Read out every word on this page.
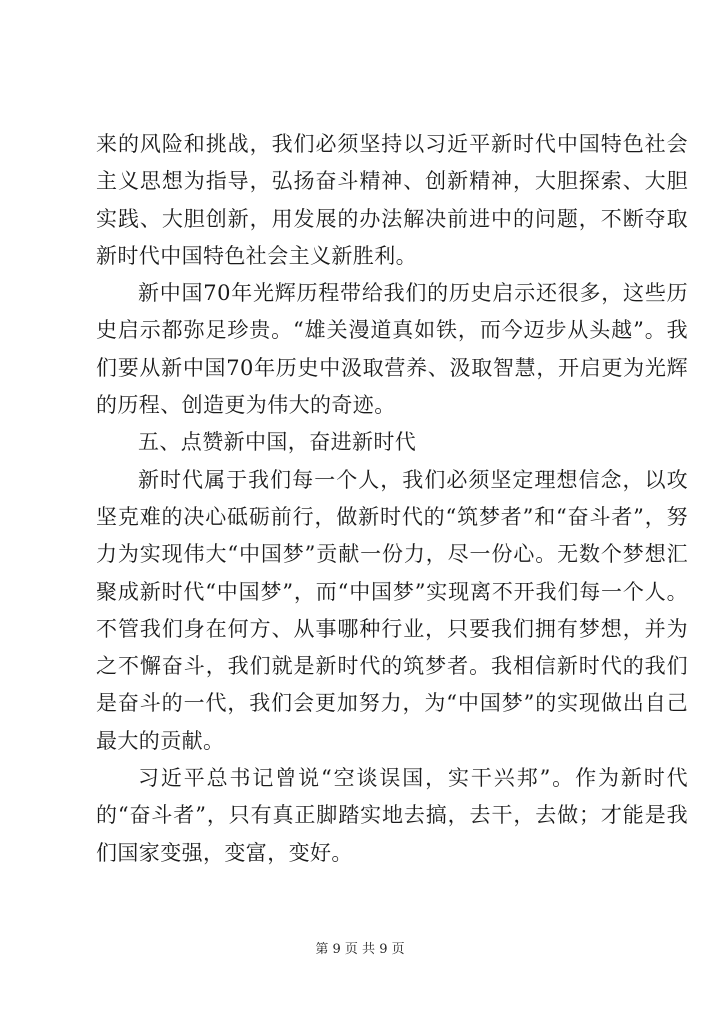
来的风险和挑战，我们必须坚持以习近平新时代中国特色社会主义思想为指导，弘扬奋斗精神、创新精神，大胆探索、大胆实践、大胆创新，用发展的办法解决前进中的问题，不断夺取新时代中国特色社会主义新胜利。

新中国70年光辉历程带给我们的历史启示还很多，这些历史启示都弥足珍贵。“雄关漫道真如铁，而今迈步从头越”。我们要从新中国70年历史中汲取营养、汲取智慧，开启更为光辉的历程、创造更为伟大的奇迹。

五、点赞新中国，奋进新时代

新时代属于我们每一个人，我们必须坚定理想信念，以攻坚克难的决心砥砺前行，做新时代的“筑梦者”和“奋斗者”，努力为实现伟大“中国梦”贡献一份力，尽一份心。无数个梦想汇聚成新时代“中国梦”，而“中国梦”实现离不开我们每一个人。不管我们身在何方、从事哪种行业，只要我们拥有梦想，并为之不懈奋斗，我们就是新时代的筑梦者。我相信新时代的我们是奋斗的一代，我们会更加努力，为“中国梦”的实现做出自己最大的贡献。

习近平总书记曾说“空谈误国，实干兴邦”。作为新时代的“奋斗者”，只有真正脚踏实地去搞，去干，去做；才能是我们国家变强，变富，变好。

第 9 页 共 9 页
